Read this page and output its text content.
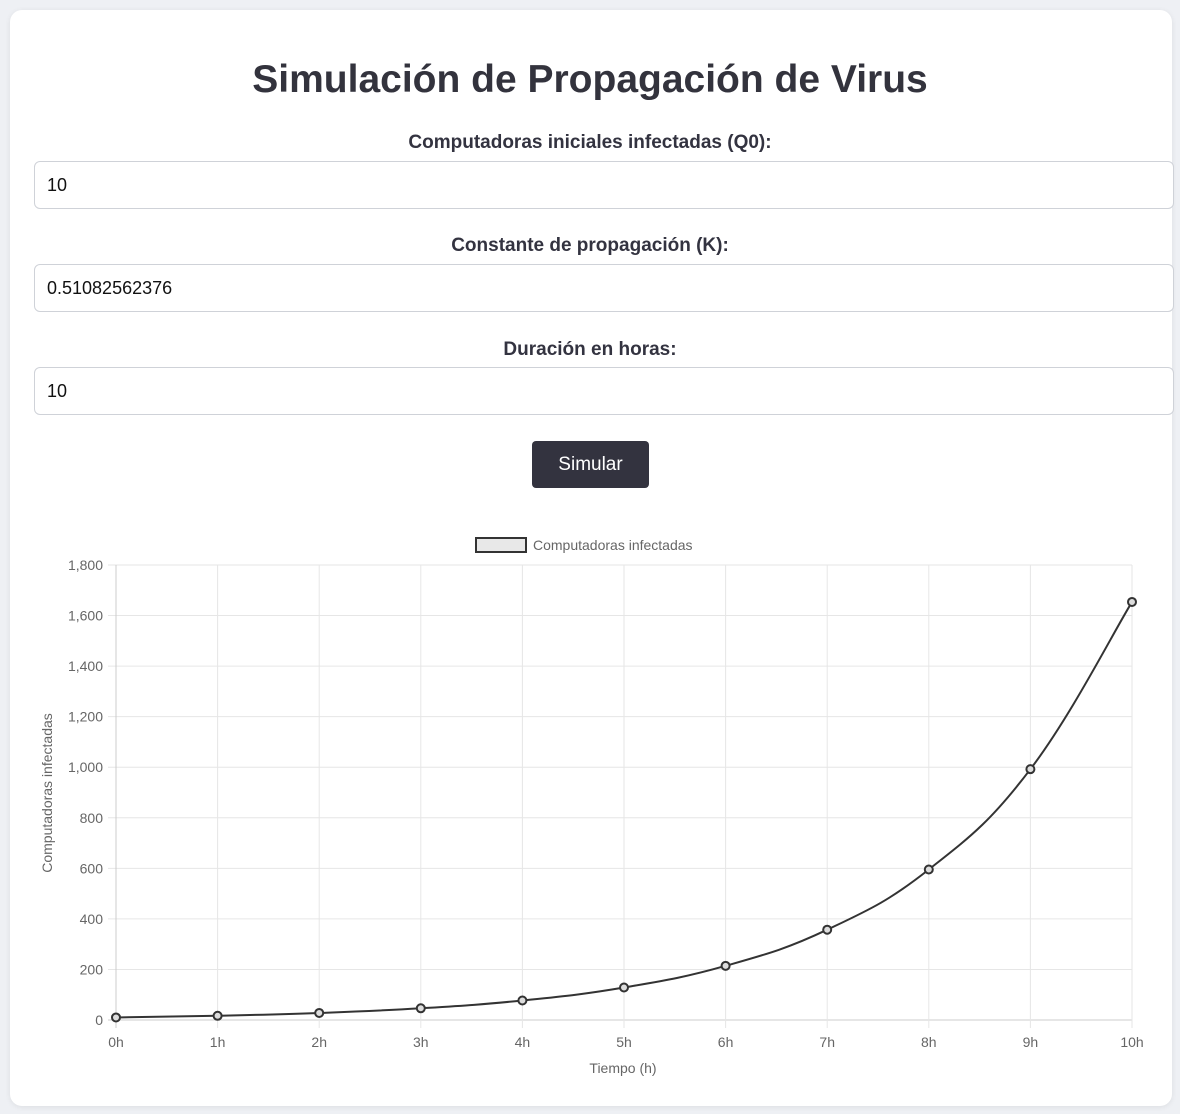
Simulación de Propagación de Virus
Computadoras iniciales infectadas (Q0):
10
Constante de propagación (K):
0.51082562376
Duración en horas:
10
Simular
0
200
400
600
800
1,000
1,200
1,400
1,600
1,800
0h	1h	2h	3h	4h	5h	6h	7h	8h	9h	10h
Computadoras infectadas
Tiempo (h)
Computadoras infectadas
